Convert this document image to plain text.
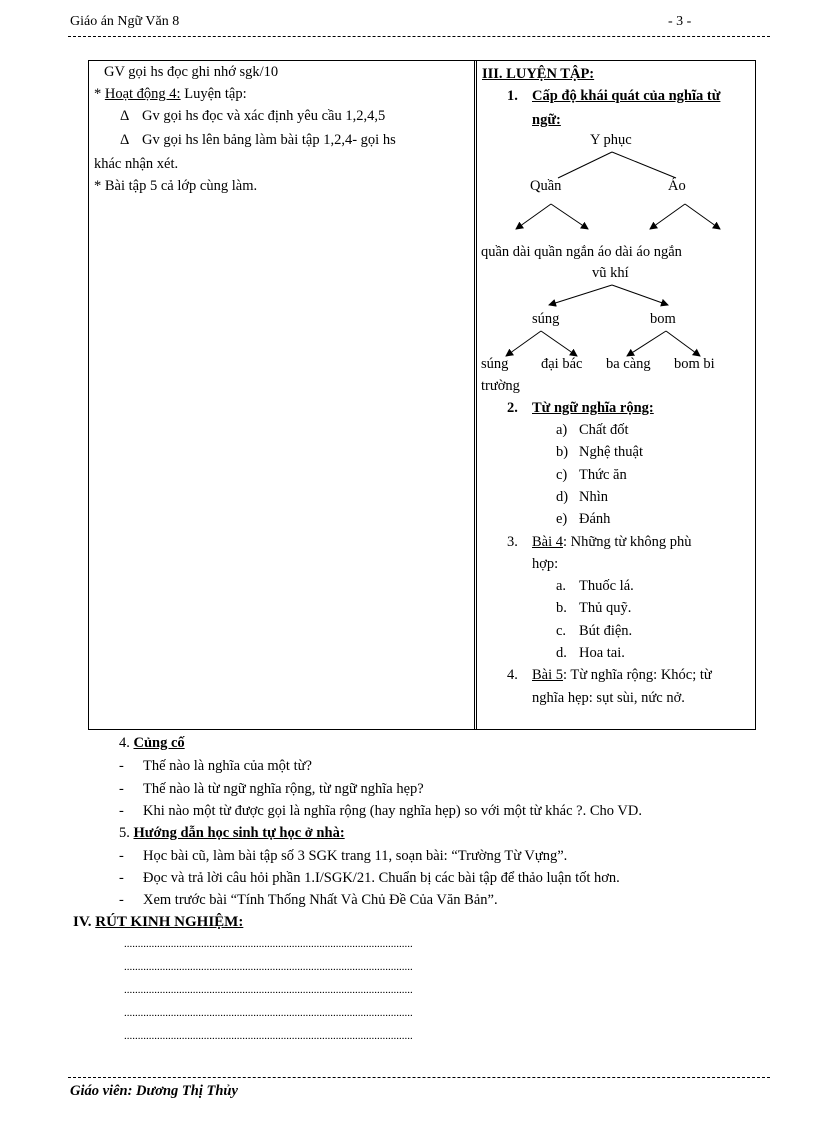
Giáo án Ngữ Văn 8	- 3 -
GV gọi hs đọc ghi nhớ sgk/10
* Hoạt động 4: Luyện tập:
Δ Gv gọi hs đọc và xác định yêu cầu 1,2,4,5
Δ Gv gọi hs lên bảng làm bài tập 1,2,4- gọi hs
khác nhận xét.
* Bài tập 5 cả lớp cùng làm.
III. LUYỆN TẬP:
1. Cấp độ khái quát của nghĩa từ
ngữ:
Y phục
Quần	Áo
quần dài quần ngắn áo dài áo ngắn
vũ khí
súng	bom
súng
trường
đại bác ba càng bom bi
2. Từ ngữ nghĩa rộng:
a) Chất đốt
b) Nghệ thuật
c) Thức ăn
d) Nhìn
e) Đánh
3. Bài 4: Những từ không phù
hợp:
a. Thuốc lá.
b. Thủ quỹ.
c. Bút điện.
d. Hoa tai.
4. Bài 5: Từ nghĩa rộng: Khóc; từ
nghĩa hẹp: sụt sùi, nức nở.
4. Củng cố
- Thế nào là nghĩa của một từ?
- Thế nào là từ ngữ nghĩa rộng, từ ngữ nghĩa hẹp?
- Khi nào một từ được gọi là nghĩa rộng (hay nghĩa hẹp) so với một từ khác ?. Cho VD.
5. Hướng dẫn học sinh tự học ở nhà:
- Học bài cũ, làm bài tập số 3 SGK trang 11, soạn bài: “Trường Từ Vựng”.
- Đọc và trả lời câu hỏi phần 1.I/SGK/21. Chuẩn bị các bài tập để thảo luận tốt hơn.
- Xem trước bài “Tính Thống Nhất Và Chủ Đề Của Văn Bản”.
IV. RÚT KINH NGHIỆM:
.........................................................................................................
.........................................................................................................
.........................................................................................................
.........................................................................................................
.........................................................................................................
Giáo viên: Dương Thị Thủy
